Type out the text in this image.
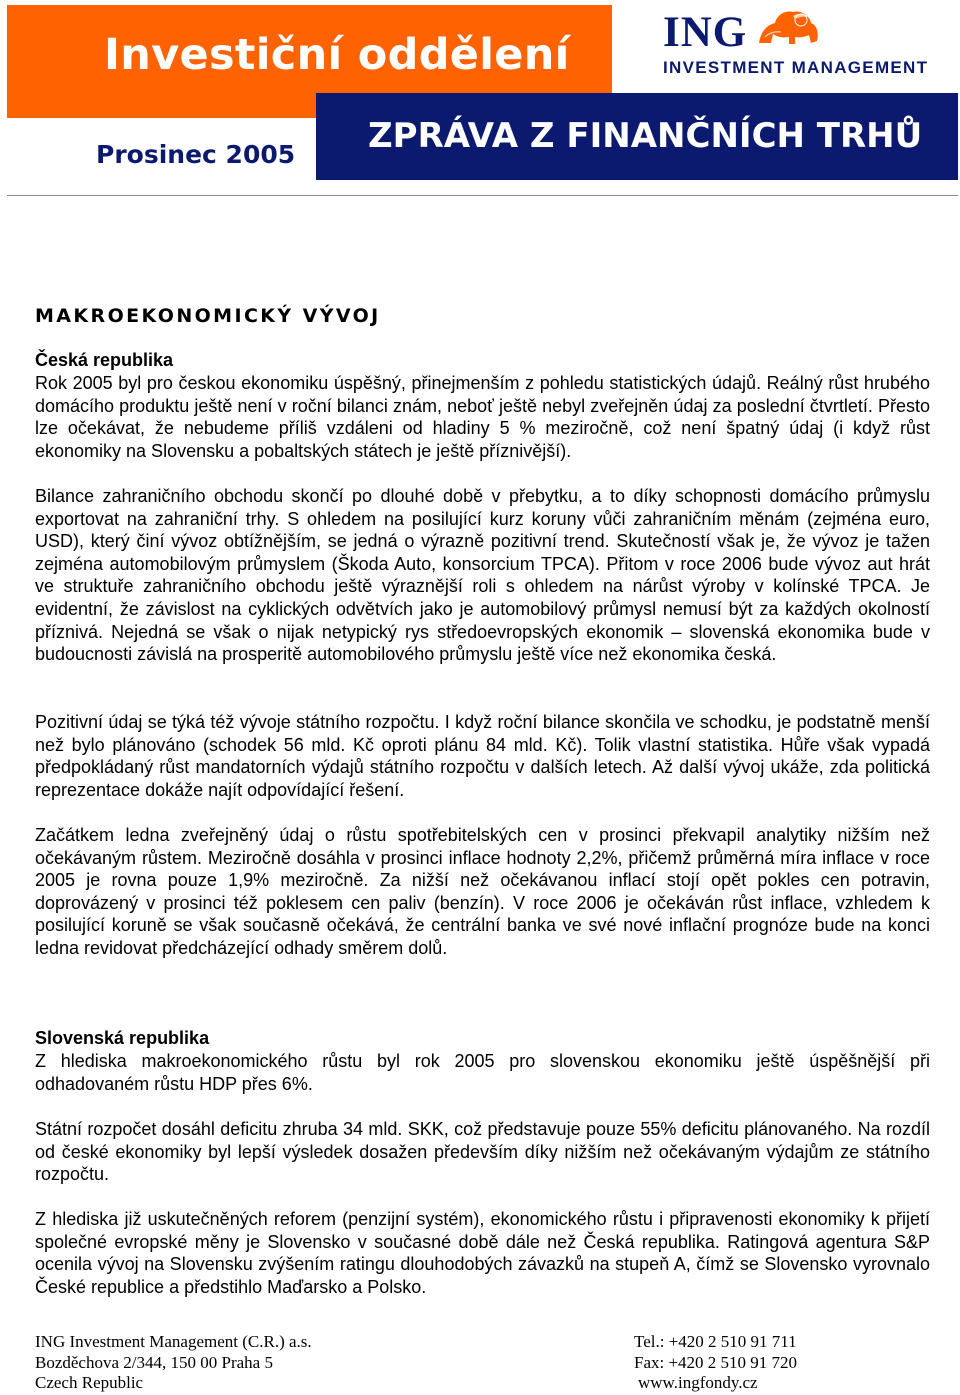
Investiční oddělení
ZPRÁVA Z FINANČNÍCH TRHŮ
Prosinec 2005
ING
INVESTMENT MANAGEMENT
MAKROEKONOMICKÝ VÝVOJ
Česká republika
Rok 2005 byl pro českou ekonomiku úspěšný, přinejmenším z pohledu statistických údajů. Reálný růst hrubého domácího produktu ještě není v roční bilanci znám, neboť ještě nebyl zveřejněn údaj za poslední čtvrtletí. Přesto lze očekávat, že nebudeme příliš vzdáleni od hladiny 5 % meziročně, což není špatný údaj (i když růst ekonomiky na Slovensku a pobaltských státech je ještě příznivější).
Bilance zahraničního obchodu skončí po dlouhé době v přebytku, a to díky schopnosti domácího průmyslu exportovat na zahraniční trhy. S ohledem na posilující kurz koruny vůči zahraničním měnám (zejména euro, USD), který činí vývoz obtížnějším, se jedná o výrazně pozitivní trend. Skutečností však je, že vývoz je tažen zejména automobilovým průmyslem (Škoda Auto, konsorcium TPCA). Přitom v roce 2006 bude vývoz aut hrát ve struktuře zahraničního obchodu ještě výraznější roli s ohledem na nárůst výroby v kolínské TPCA. Je evidentní, že závislost na cyklických odvětvích jako je automobilový průmysl nemusí být za každých okolností příznivá. Nejedná se však o nijak netypický rys středoevropských ekonomik – slovenská ekonomika bude v budoucnosti závislá na prosperitě automobilového průmyslu ještě více než ekonomika česká.
Pozitivní údaj se týká též vývoje státního rozpočtu. I když roční bilance skončila ve schodku, je podstatně menší než bylo plánováno (schodek 56 mld. Kč oproti plánu 84 mld. Kč). Tolik vlastní statistika. Hůře však vypadá předpokládaný růst mandatorních výdajů státního rozpočtu v dalších letech. Až další vývoj ukáže, zda politická reprezentace dokáže najít odpovídající řešení.
Začátkem ledna zveřejněný údaj o růstu spotřebitelských cen v prosinci překvapil analytiky nižším než očekávaným růstem. Meziročně dosáhla v prosinci inflace hodnoty 2,2%, přičemž průměrná míra inflace v roce 2005 je rovna pouze 1,9% meziročně. Za nižší než očekávanou inflací stojí opět pokles cen potravin, doprovázený v prosinci též poklesem cen paliv (benzín). V roce 2006 je očekáván růst inflace, vzhledem k posilující koruně se však současně očekává, že centrální banka ve své nové inflační prognóze bude na konci ledna revidovat předcházející odhady směrem dolů.
Slovenská republika
Z hlediska makroekonomického růstu byl rok 2005 pro slovenskou ekonomiku ještě úspěšnější při odhadovaném růstu HDP přes 6%.
Státní rozpočet dosáhl deficitu zhruba 34 mld. SKK, což představuje pouze 55% deficitu plánovaného. Na rozdíl od české ekonomiky byl lepší výsledek dosažen především díky nižším než očekávaným výdajům ze státního rozpočtu.
Z hlediska již uskutečněných reforem (penzijní systém), ekonomického růstu i připravenosti ekonomiky k přijetí společné evropské měny je Slovensko v současné době dále než Česká republika. Ratingová agentura S&P ocenila vývoj na Slovensku zvýšením ratingu dlouhodobých závazků na stupeň A, čímž se Slovensko vyrovnalo České republice a předstihlo Maďarsko a Polsko.
ING Investment Management (C.R.) a.s.
Bozděchova 2/344, 150 00 Praha 5
Czech Republic
Tel.: +420 2 510 91 711
Fax: +420 2 510 91 720
www.ingfondy.cz
